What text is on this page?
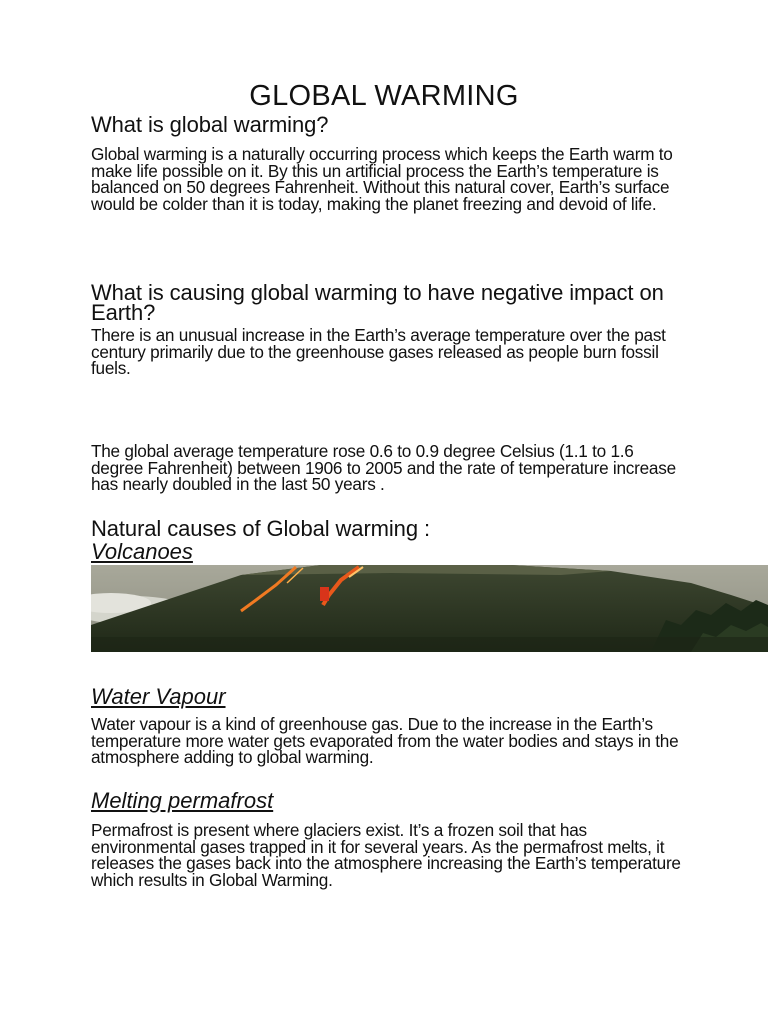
GLOBAL WARMING
What is global warming?
Global warming is a naturally occurring process which keeps the Earth warm to make life possible on it. By this un artificial process the Earth’s temperature is balanced on 50 degrees Fahrenheit. Without this natural cover, Earth’s surface would be colder than it is today, making the planet freezing and devoid of life.
What is causing global warming to have negative impact on Earth?
There is an unusual increase in the Earth’s average temperature over the past century primarily due to the greenhouse gases released as people burn fossil fuels.
The global average temperature rose 0.6 to 0.9 degree Celsius (1.1 to 1.6 degree Fahrenheit) between 1906 to 2005 and the rate of temperature increase has nearly doubled in the last 50 years .
Natural causes of Global warming :
Volcanoes
Water Vapour
Water vapour is a kind of greenhouse gas. Due to the increase in the Earth’s temperature more water gets evaporated from the water bodies and stays in the atmosphere adding to global warming.
Melting permafrost
Permafrost is present where glaciers exist. It’s a frozen soil that has environmental gases trapped in it for several years. As the permafrost melts, it releases the gases back into the atmosphere increasing the Earth’s temperature which results in Global Warming.
